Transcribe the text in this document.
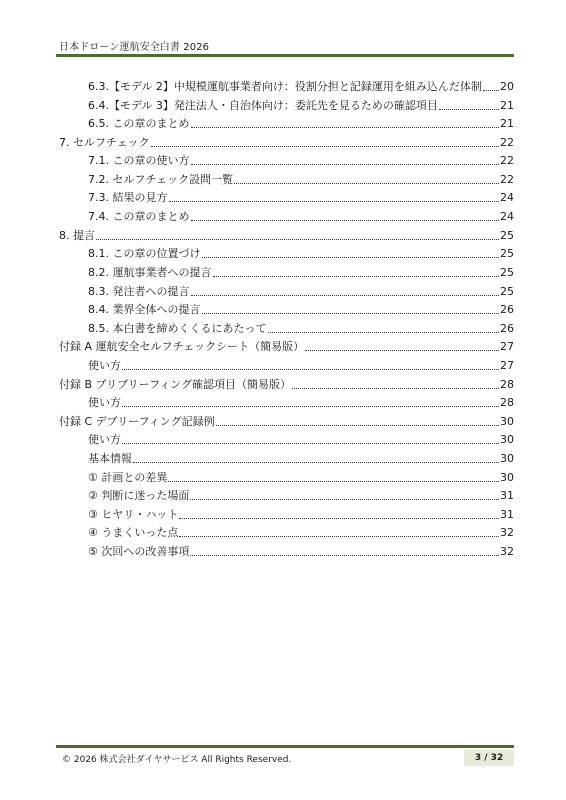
日本ドローン運航安全白書 2026
6.3.【モデル 2】中規模運航事業者向け：役割分担と記録運用を組み込んだ体制 20
6.4.【モデル 3】発注法人・自治体向け：委託先を見るための確認項目	21
6.5. この章のまとめ	21
7. セルフチェック	22
7.1. この章の使い方	22
7.2. セルフチェック設問一覧	22
7.3. 結果の見方	24
7.4. この章のまとめ	24
8. 提言	25
8.1. この章の位置づけ	25
8.2. 運航事業者への提言	25
8.3. 発注者への提言	25
8.4. 業界全体への提言	26
8.5. 本白書を締めくくるにあたって	26
付録 A 運航安全セルフチェックシート（簡易版）	27
使い方	27
付録 B プリブリーフィング確認項目（簡易版）	28
使い方	28
付録 C デブリーフィング記録例	30
使い方	30
基本情報	30
① 計画との差異	30
② 判断に迷った場面	31
③ ヒヤリ・ハット	31
④ うまくいった点	32
⑤ 次回への改善事項	32
© 2026 株式会社ダイヤサービス All Rights Reserved.	3 / 32
